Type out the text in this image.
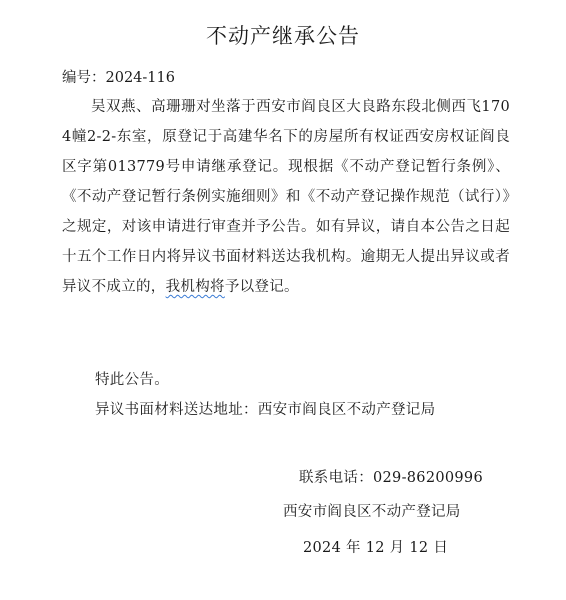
不动产继承公告
编号：2024-116

吴双燕、高珊珊对坐落于西安市阎良区大良路东段北侧西飞1704幢2-2-东室，原登记于高建华名下的房屋所有权证西安房权证阎良区字第013779号申请继承登记。现根据《不动产登记暂行条例》、《不动产登记暂行条例实施细则》和《不动产登记操作规范（试行）》之规定，对该申请进行审查并予公告。如有异议，请自本公告之日起十五个工作日内将异议书面材料送达我机构。逾期无人提出异议或者异议不成立的，我机构将予以登记。

特此公告。
异议书面材料送达地址：西安市阎良区不动产登记局
联系电话：029-86200996
西安市阎良区不动产登记局
2024 年 12 月 12 日
